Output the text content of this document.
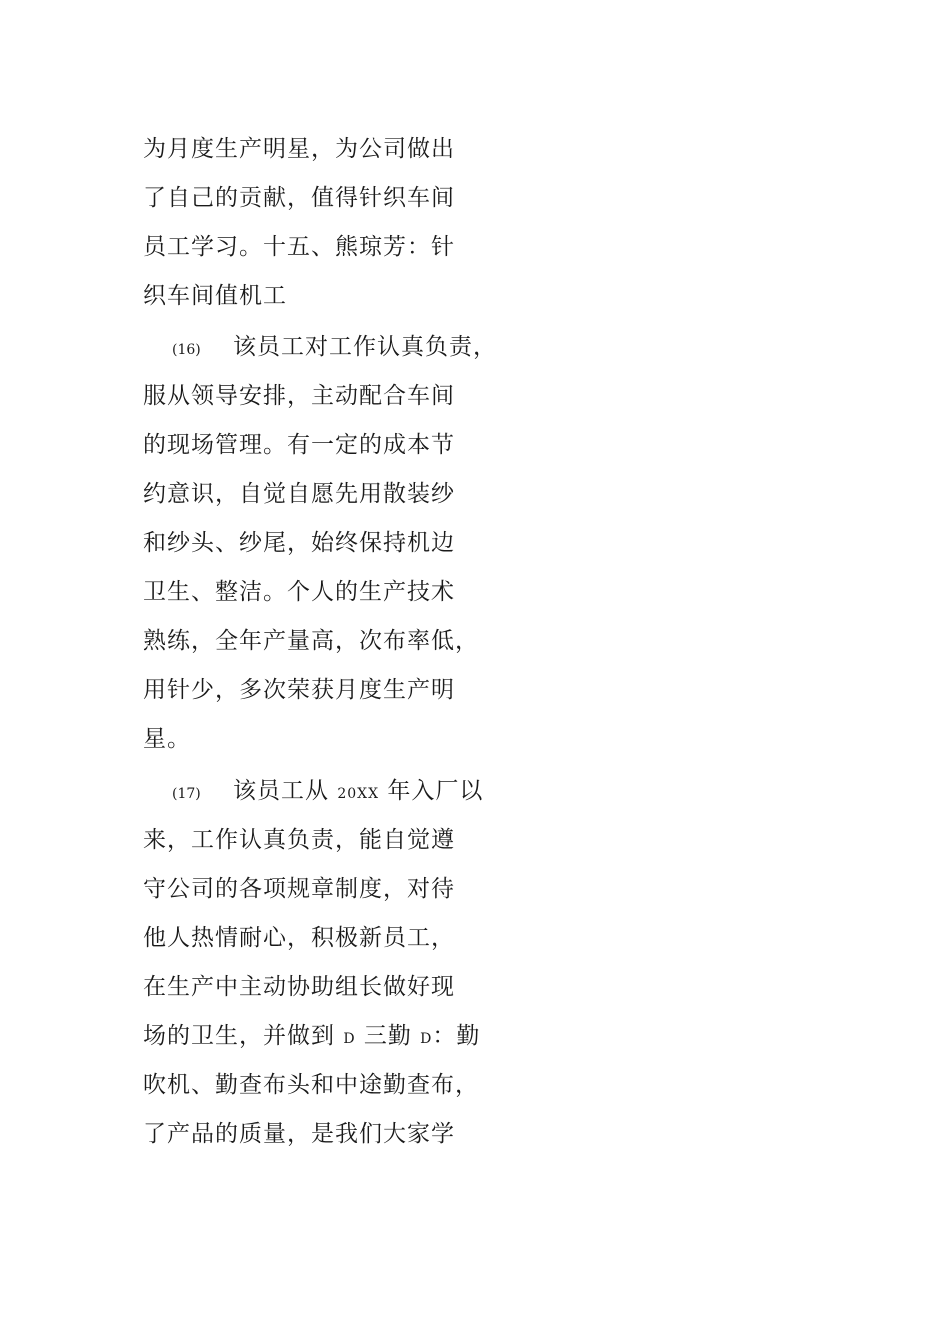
为月度生产明星，为公司做出
了自己的贡献，值得针织车间
员工学习。十五、熊琼芳：针
织车间值机工
(16) 该员工对工作认真负责，
服从领导安排，主动配合车间
的现场管理。有一定的成本节
约意识，自觉自愿先用散装纱
和纱头、纱尾，始终保持机边
卫生、整洁。个人的生产技术
熟练，全年产量高，次布率低，
用针少，多次荣获月度生产明
星。
(17) 该员工从 20XX 年入厂以
来，工作认真负责，能自觉遵
守公司的各项规章制度，对待
他人热情耐心，积极新员工，
在生产中主动协助组长做好现
场的卫生，并做到 D 三勤 D：勤
吹机、勤查布头和中途勤查布，
了产品的质量，是我们大家学
